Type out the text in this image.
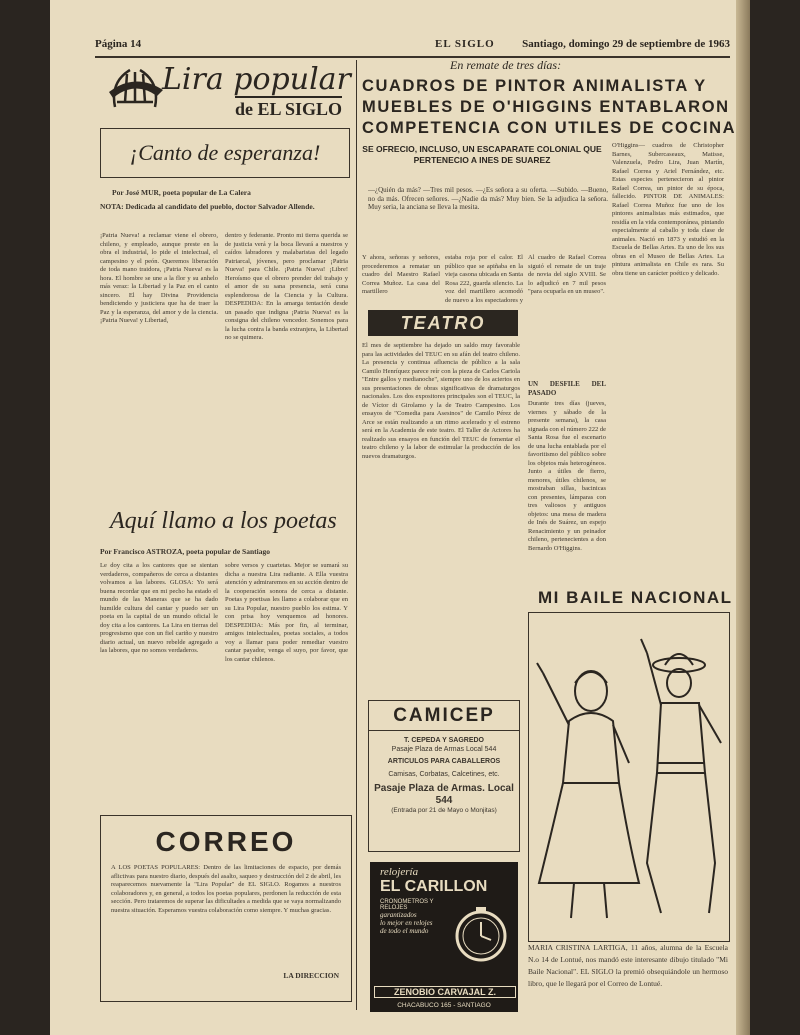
Página 14	EL SIGLO Santiago, domingo 29 de septiembre de 1963
Lira popular
de EL SIGLO
¡Canto de esperanza!
Por José MUR, poeta popular de La Calera
NOTA: Dedicada al candidato del pueblo, doctor Salvador Allende.
¡Patria Nueva! a reclamar viene el obrero, chileno, y empleado, aunque preste en la obra el industrial, lo pide el intelectual, el campesino y el peón. Queremos liberación de toda mano traidora, ¡Patria Nueva! es la hora. El hombre se une a la flor y su anhelo más veraz: la Libertad y la Paz en el canto sincero. El hay Divina Providencia bendiciendo y justiciera que ha de traer la Paz y la esperanza, del amor y de la ciencia. ¡Patria Nueva! y Libertad,
dentro y federante. Pronto mi tierra querida se de justicia verá y la boca llevará a nuestros y caídos labradores y malabaristas del legado Patriarcal, jóvenes, pero proclamar ¡Patria Nueva! para Chile. ¡Patria Nueva! ¡Libre! Heroísmo que el obrero prender del trabajo y el amor de su sana presencia, será cuna esplendorosa de la Ciencia y la Cultura. DESPEDIDA: En la amarga tentación desde un pasado que indigna ¡Patria Nueva! es la consigna del chileno vencedor. Sonemos para la lucha contra la banda extranjera, la Libertad no se quimera.
Aquí llamo a los poetas
Por Francisco ASTROZA, poeta popular de Santiago
Le doy cita a los cantores que se sientan verdaderos, compañeros de cerca a distantes volvamos a las labores. GLOSA: Yo será buena recordar que en mi pecho ha estado el mundo de las Maneras que se ha dado humilde cultura del cantar y puedo ser un poeta en la capital de un mundo oficial le doy cita a los cantores. La Lira en tierras del progresismo que con un fiel cariño y nuestro diario actual, un nuevo rebelde agregado a las labores, que no somos verdaderos.
sobre versos y cuartetas. Mejor se sumará su dicha a nuestra Lira radiante. A Ella vuestra atención y admiraremos en su acción dentro de la cooperación sonora de cerca a distante. Poetas y poetisas les llamo a colaborar que en su Lira Popular, nuestro pueblo los estima. Y con prisa hoy venquemos ad honores. DESPEDIDA: Más por fin, al terminar, amigos intelectuales, poetas sociales, a todos voy a llamar para poder remediar vuestro cantar payador, venga el suyo, por favor, que los cantar chilenos.
CORREO
A LOS POETAS POPULARES: Dentro de las limitaciones de espacio, por demás aflictivas para nuestro diario, después del asalto, saqueo y destrucción del 2 de abril, les reaparecemos nuevamente la "Lira Popular" de EL SIGLO. Rogamos a nuestros colaboradores y, en general, a todos los poetas populares, perdonen la reducción de esta sección. Pero trataremos de superar las dificultades a medida que se vaya normalizando nuestra situación. Esperamos vuestra colaboración como siempre. Y muchas gracias.
LA DIRECCION
En remate de tres días:
CUADROS DE PINTOR ANIMALISTA Y MUEBLES DE O'HIGGINS ENTABLARON COMPETENCIA CON UTILES DE COCINA
SE OFRECIO, INCLUSO, UN ESCAPARATE COLONIAL QUE PERTENECIO A INES DE SUAREZ
—¿Quién da más? —Tres mil pesos. —¿Es señora a su oferta. —Subido. —Bueno, no da más. Ofrecen señores. —¿Nadie da más? Muy bien. Se la adjudica la señora. Muy seria, la anciana se lleva la mesita.
Y ahora, señoras y señores, procederemos a rematar un cuadro del Maestro Rafael Correa Muñoz. La casa del martillero
estaba roja por el calor. El público que se apiñaba en la vieja casona ubicada en Santa Rosa 222, guarda silencio. La voz del martillero acomodó de nuevo a los espectadores y
TEATRO
El mes de septiembre ha dejado un saldo muy favorable para las actividades del TEUC en su afán del teatro chileno. La presencia y continua afluencia de público a la sala Camilo Henríquez parece reír con la pieza de Carlos Cariola "Entre gallos y medianoche", siempre uno de los aciertos en sus presentaciones de obras significativas de dramaturgos nacionales. Los dos expositores principales son el TEUC, la de Víctor di Girolamo y la de Teatro Campesino. Los ensayos de "Comedia para Asesinos" de Camilo Pérez de Arce se están realizando a un ritmo acelerado y el estreno será en la Academia de este teatro. El Taller de Actores ha realizado sus ensayos en función del TEUC de fomentar el teatro chileno y la labor de estimular la producción de los nuevos dramaturgos.
Al cuadro de Rafael Correa siguió el remate de un traje de novia del siglo XVIII. Se lo adjudicó en 7 mil pesos "para ocuparla en un museo".
UN DESFILE DEL PASADO
Durante tres días (jueves, viernes y sábado de la presente semana), la casa signada con el número 222 de Santa Rosa fue el escenario de una lucha entablada por el favoritismo del público sobre los objetos más heterogéneos. Junto a útiles de fierro, menores, útiles chilenos, se mostraban sillas, bacinicas con presentes, lámparas con tres valiosos y antiguos objetos: una mesa de madera de Inés de Suárez, un espejo Renacimiento y un peinador chileno, pertenecientes a don Bernardo O'Higgins.
O'Higgins— cuadros de Christopher Barnes, Subercaseaux, Matisse, Valenzuela, Pedro Lira, Juan Martín, Rafael Correa y Ariel Fernández, etc. Estas especies pertenecieron al pintor Rafael Correa, un pintor de su época, fallecido. PINTOR DE ANIMALES: Rafael Correa Muñoz fue uno de los pintores animalistas más estimados, que residía en la vida contemporánea, pintando especialmente al caballo y toda clase de animales. Nació en 1873 y estudió en la Escuela de Bellas Artes. Es uno de los sus obras en el Museo de Bellas Artes. La pintura animalista en Chile es rara. Su obra tiene un carácter poético y delicado.
CAMICEP
T. CEPEDA Y SAGREDO
Pasaje Plaza de Armas Local 544
ARTICULOS PARA CABALLEROS
Camisas, Corbatas, Calcetines, etc.
Pasaje Plaza de Armas. Local 544
(Entrada por 21 de Mayo o Monjitas)
relojería
EL CARILLON
CRONOMETROS Y RELOJES
garantizados
lo mejor en relojes
de todo el mundo
ZENOBIO CARVAJAL Z.
CHACABUCO 165 - SANTIAGO
MI BAILE NACIONAL
MARIA CRISTINA LARTIGA, 11 años, alumna de la Escuela N.o 14 de Lontué, nos mandó este interesante dibujo titulado "Mi Baile Nacional". EL SIGLO la premió obsequiándole un hermoso libro, que le llegará por el Correo de Lontué.
